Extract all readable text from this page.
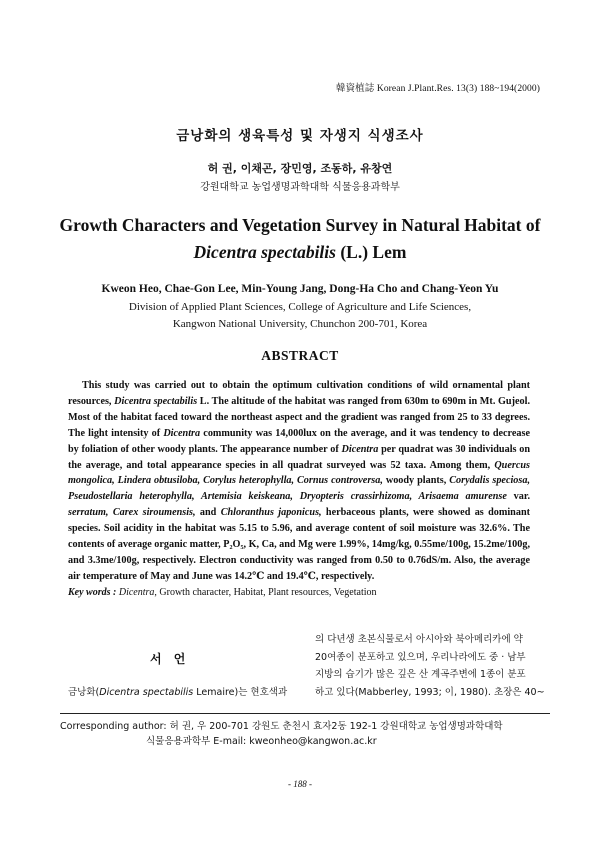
韓資植誌 Korean J.Plant.Res. 13(3) 188~194(2000)
금낭화의 생육특성 및 자생지 식생조사
허 권, 이채곤, 장민영, 조동하, 유창연
강원대학교 농업생명과학대학 식물응용과학부
Growth Characters and Vegetation Survey in Natural Habitat of
Dicentra spectabilis (L.) Lem
Kweon Heo, Chae-Gon Lee, Min-Young Jang, Dong-Ha Cho and Chang-Yeon Yu
Division of Applied Plant Sciences, College of Agriculture and Life Sciences,
Kangwon National University, Chunchon 200-701, Korea
ABSTRACT
This study was carried out to obtain the optimum cultivation conditions of wild ornamental plant resources, Dicentra spectabilis L. The altitude of the habitat was ranged from 630m to 690m in Mt. Gujeol. Most of the habitat faced toward the northeast aspect and the gradient was ranged from 25 to 33 degrees. The light intensity of Dicentra community was 14,000lux on the average, and it was tendency to decrease by foliation of other woody plants. The appearance number of Dicentra per quadrat was 30 individuals on the average, and total appearance species in all quadrat surveyed was 52 taxa. Among them, Quercus mongolica, Lindera obtusiloba, Corylus heterophylla, Cornus controversa, woody plants, Corydalis speciosa, Pseudostellaria heterophylla, Artemisia keiskeana, Dryopteris crassirhizoma, Arisaema amurense var. serratum, Carex siroumensis, and Chloranthus japonicus, herbaceous plants, were showed as dominant species. Soil acidity in the habitat was 5.15 to 5.96, and average content of soil moisture was 32.6%. The contents of average organic matter, P₂O₅, K, Ca, and Mg were 1.99%, 14mg/kg, 0.55me/100g, 15.2me/100g, and 3.3me/100g, respectively. Electron conductivity was ranged from 0.50 to 0.76dS/m. Also, the average air temperature of May and June was 14.2℃ and 19.4℃, respectively.
Key words : Dicentra, Growth character, Habitat, Plant resources, Vegetation
서 언
금낭화(Dicentra spectabilis Lemaire)는 현호색과
의 다년생 초본식물로서 아시아와 북아메리카에 약
20여종이 분포하고 있으며, 우리나라에도 중 · 남부
지방의 습기가 많은 깊은 산 계곡주변에 1종이 분포
하고 있다(Mabberley, 1993; 이, 1980). 초장은 40~
Corresponding author: 허 권, 우 200-701 강원도 춘천시 효자2동 192-1 강원대학교 농업생명과학대학
식물응용과학부 E-mail: kweonheo@kangwon.ac.kr
- 188 -
